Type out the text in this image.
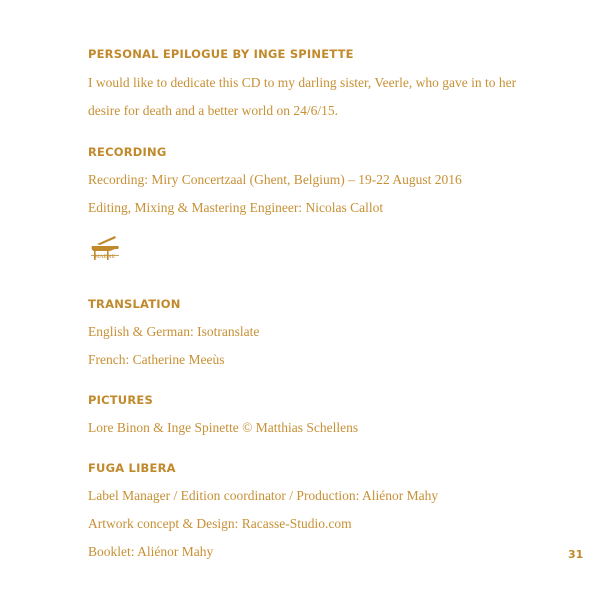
PERSONAL EPILOGUE BY INGE SPINETTE
I would like to dedicate this CD to my darling sister, Veerle, who gave in to her
desire for death and a better world on 24/6/15.
RECORDING
Recording: Miry Concertzaal (Ghent, Belgium) – 19-22 August 2016
Editing, Mixing & Mastering Engineer: Nicolas Callot
MAENE
TRANSLATION
English & German: Isotranslate
French: Catherine Meeùs
PICTURES
Lore Binon & Inge Spinette © Matthias Schellens
FUGA LIBERA
Label Manager / Edition coordinator / Production: Aliénor Mahy
Artwork concept & Design: Racasse-Studio.com
Booklet: Aliénor Mahy	31
